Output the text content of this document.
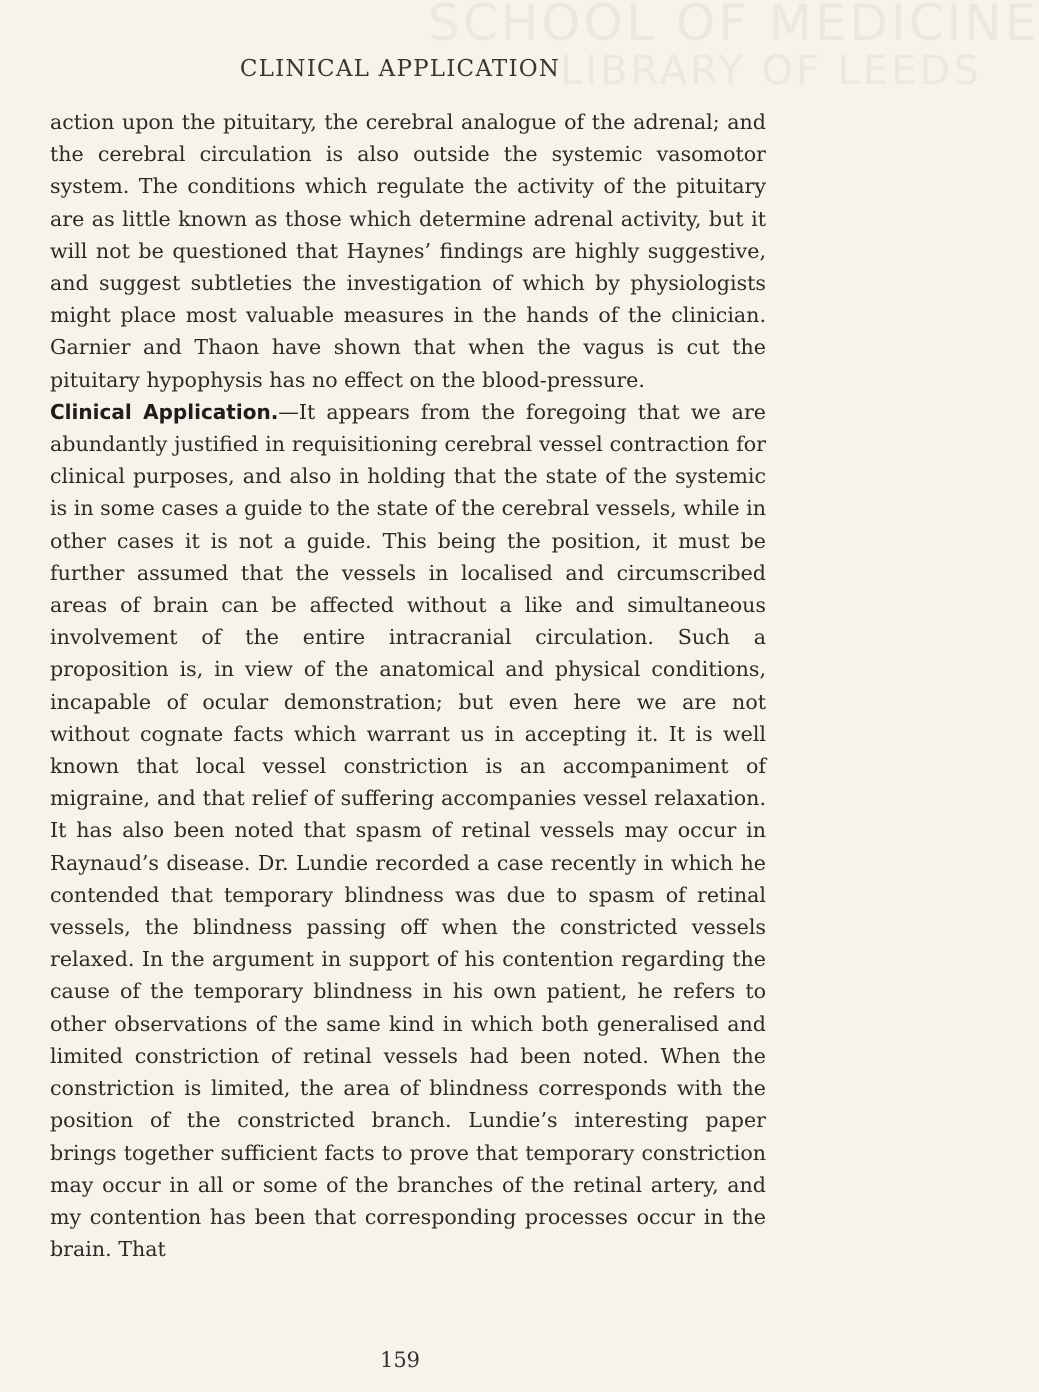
SCHOOL OF MEDICINE
LIBRARY OF LEEDS
CLINICAL APPLICATION

action upon the pituitary, the cerebral analogue of the adrenal; and the cerebral circulation is also outside the systemic vasomotor system. The conditions which regulate the activity of the pituitary are as little known as those which determine adrenal activity, but it will not be questioned that Haynes’ findings are highly suggestive, and suggest subtleties the investigation of which by physiologists might place most valuable measures in the hands of the clinician. Garnier and Thaon have shown that when the vagus is cut the pituitary hypophysis has no effect on the blood-pressure.

Clinical Application.—It appears from the foregoing that we are abundantly justified in requisitioning cerebral vessel contraction for clinical purposes, and also in holding that the state of the systemic is in some cases a guide to the state of the cerebral vessels, while in other cases it is not a guide. This being the position, it must be further assumed that the vessels in localised and circumscribed areas of brain can be affected without a like and simultaneous involvement of the entire intracranial circulation. Such a proposition is, in view of the anatomical and physical conditions, incapable of ocular demonstration; but even here we are not without cognate facts which warrant us in accepting it. It is well known that local vessel constriction is an accompaniment of migraine, and that relief of suffering accompanies vessel relaxation. It has also been noted that spasm of retinal vessels may occur in Raynaud’s disease. Dr. Lundie recorded a case recently in which he contended that temporary blindness was due to spasm of retinal vessels, the blindness passing off when the constricted vessels relaxed. In the argument in support of his contention regarding the cause of the temporary blindness in his own patient, he refers to other observations of the same kind in which both generalised and limited constriction of retinal vessels had been noted. When the constriction is limited, the area of blindness corresponds with the position of the constricted branch. Lundie’s interesting paper brings together sufficient facts to prove that temporary constriction may occur in all or some of the branches of the retinal artery, and my contention has been that corresponding processes occur in the brain. That

159
